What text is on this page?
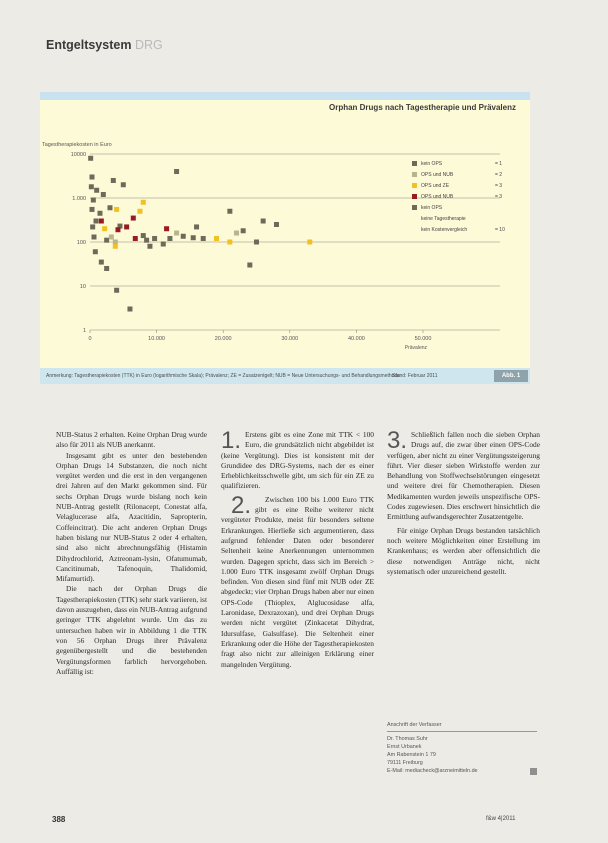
Entgeltsystem DRG
Orphan Drugs nach Tagestherapie und Prävalenz
Tagestherapiekosten in Euro
10000
1.000
100
10
1
0	10.000	20.000	30.000	40.000	50.000
Prävalenz
kein OPS	= 1
OPS und NUB	= 2
OPS und ZE	= 3
OPS und NUB	= 3
kein OPS
keine Tagestherapie
kein Kostenvergleich	= 10
Anmerkung: Tagestherapiekosten (TTK) in Euro (logarithmische Skala); Prävalenz; ZE = Zusatzentgelt; NUB = Neue Untersuchungs- und Behandlungsmethode
Stand: Februar 2011	Abb. 1

NUB-Status 2 erhalten. Keine Orphan Drug wurde also für 2011 als NUB anerkannt.

Insgesamt gibt es unter den bestehenden Orphan Drugs 14 Substanzen, die noch nicht vergütet werden und die erst in den vergangenen drei Jahren auf den Markt gekommen sind. Für sechs Orphan Drugs wurde bislang noch kein NUB-Antrag gestellt (Rilonacept, Conestat alfa, Velaglucerase alfa, Azacitidin, Sapropterin, Coffeincitrat). Die acht anderen Orphan Drugs haben bislang nur NUB-Status 2 oder 4 erhalten, sind also nicht abrechnungsfähig (Histamin Dihydrochlorid, Aztreonam-lysin, Ofatumumab, Cancitinumab, Tafenoquin, Thalidomid, Mifamurtid).

Die nach der Orphan Drugs die Tagestherapiekosten (TTK) sehr stark variieren, ist davon auszugehen, dass ein NUB-Antrag aufgrund geringer TTK abgelehnt wurde. Um das zu untersuchen haben wir in Abbildung 1 die TTK von 56 Orphan Drugs ihrer Prävalenz gegenübergestellt und die bestehenden Vergütungsformen farblich hervorgehoben. Auffällig ist:

1. Erstens gibt es eine Zone mit TTK < 100 Euro, die grundsätzlich nicht abgebildet ist (keine Vergütung). Dies ist konsistent mit der Grundidee des DRG-Systems, nach der es einer Erheblichkeitsschwelle gibt, um sich für ein ZE zu qualifizieren.

2. Zwischen 100 bis 1.000 Euro TTK gibt es eine Reihe weiterer nicht vergüteter Produkte, meist für besonders seltene Erkrankungen. Hierließe sich argumentieren, dass aufgrund fehlender Daten oder besonderer Seltenheit keine Anerkennungen unternommen wurden. Dagegen spricht, dass sich im Bereich > 1.000 Euro TTK insgesamt zwölf Orphan Drugs befinden. Von diesen sind fünf mit NUB oder ZE abgedeckt; vier Orphan Drugs haben aber nur einen OPS-Code (Thioplex, Alglucosidase alfa, Laronidase, Dexrazoxan), und drei Orphan Drugs werden nicht vergütet (Zinkacetat Dihydrat, Idursulfase, Galsulfase). Die Seltenheit einer Erkrankung oder die Höhe der Tagestherapiekosten fragt also nicht zur alleinigen Erklärung einer mangelnden Vergütung.

3. Schließlich fallen noch die sieben Orphan Drugs auf, die zwar über einen OPS-Code verfügen, aber nicht zu einer Vergütungssteigerung führt. Vier dieser sieben Wirkstoffe werden zur Behandlung von Stoffwechselstörungen eingesetzt und weitere drei für Chemotherapien. Diesen Medikamenten wurden jeweils unspezifische OPS-Codes zugewiesen. Dies erschwert hinsichtlich die Ermittlung aufwandsgerechter Zusatzentgelte.

Für einige Orphan Drugs bestanden tatsächlich noch weitere Möglichkeiten einer Erstellung im Krankenhaus; es werden aber offensichtlich die diese notwendigen Anträge nicht, nicht systematisch oder unzureichend gestellt.

Anschrift der Verfasser
Dr. Thomas Suhr
Ernst Urbanek
Am Rabenstein 1 79
79111 Freiburg
E-Mail: mediacheck@arzneimitteln.de
388	f&w 4|2011
